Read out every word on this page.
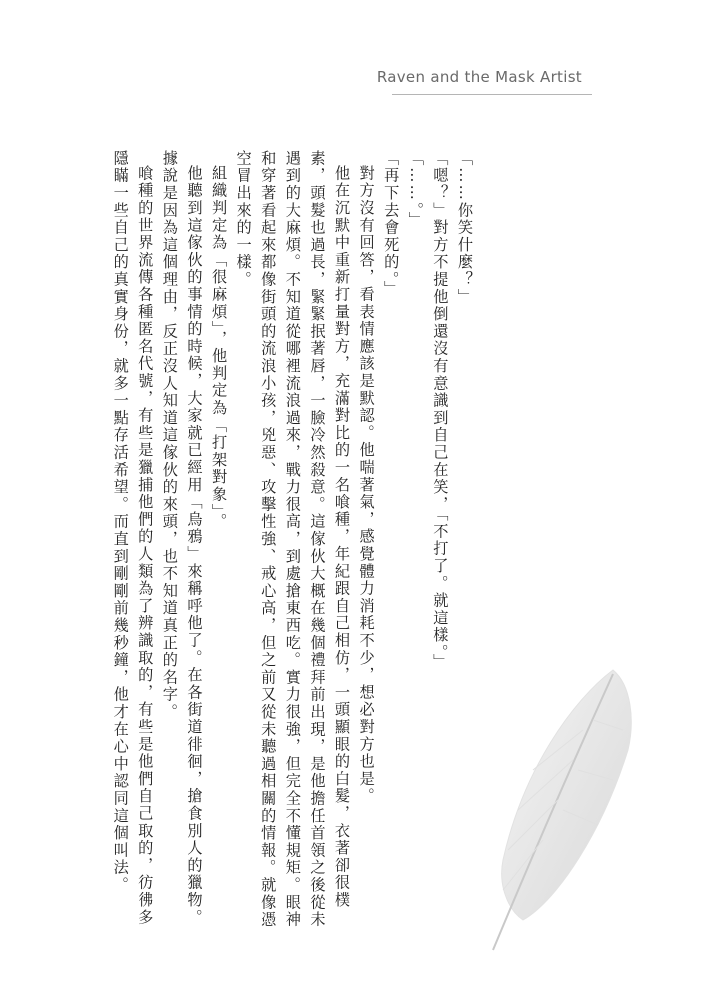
Raven and the Mask Artist

「……你笑什麼？」

「嗯？」對方不提他倒還沒有意識到自己在笑，「不打了。就這樣。」

「……。」

「再下去會死的。」

對方沒有回答，看表情應該是默認。他喘著氣，感覺體力消耗不少，想必對方也是。

他在沉默中重新打量對方，充滿對比的一名喰種，年紀跟自己相仿，一頭顯眼的白髮，衣著卻很樸素，頭髮也過長，緊緊抿著唇，一臉冷然殺意。這傢伙大概在幾個禮拜前出現，是他擔任首領之後從未遇到的大麻煩。不知道從哪裡流浪過來，戰力很高，到處搶東西吃。實力很強，但完全不懂規矩。眼神和穿著看起來都像街頭的流浪小孩，兇惡、攻擊性強、戒心高，但之前又從未聽過相關的情報。就像憑空冒出來的一樣。

組織判定為「很麻煩」，他判定為「打架對象」。

他聽到這傢伙的事情的時候，大家就已經用「烏鴉」來稱呼他了。在各街道徘徊，搶食別人的獵物。據說是因為這個理由，反正沒人知道這傢伙的來頭，也不知道真正的名字。

喰種的世界流傳各種匿名代號，有些是獵捕他們的人類為了辨識取的，有些是他們自己取的，彷彿多隱瞞一些自己的真實身份，就多一點存活希望。而直到剛剛前幾秒鐘，他才在心中認同這個叫法。
